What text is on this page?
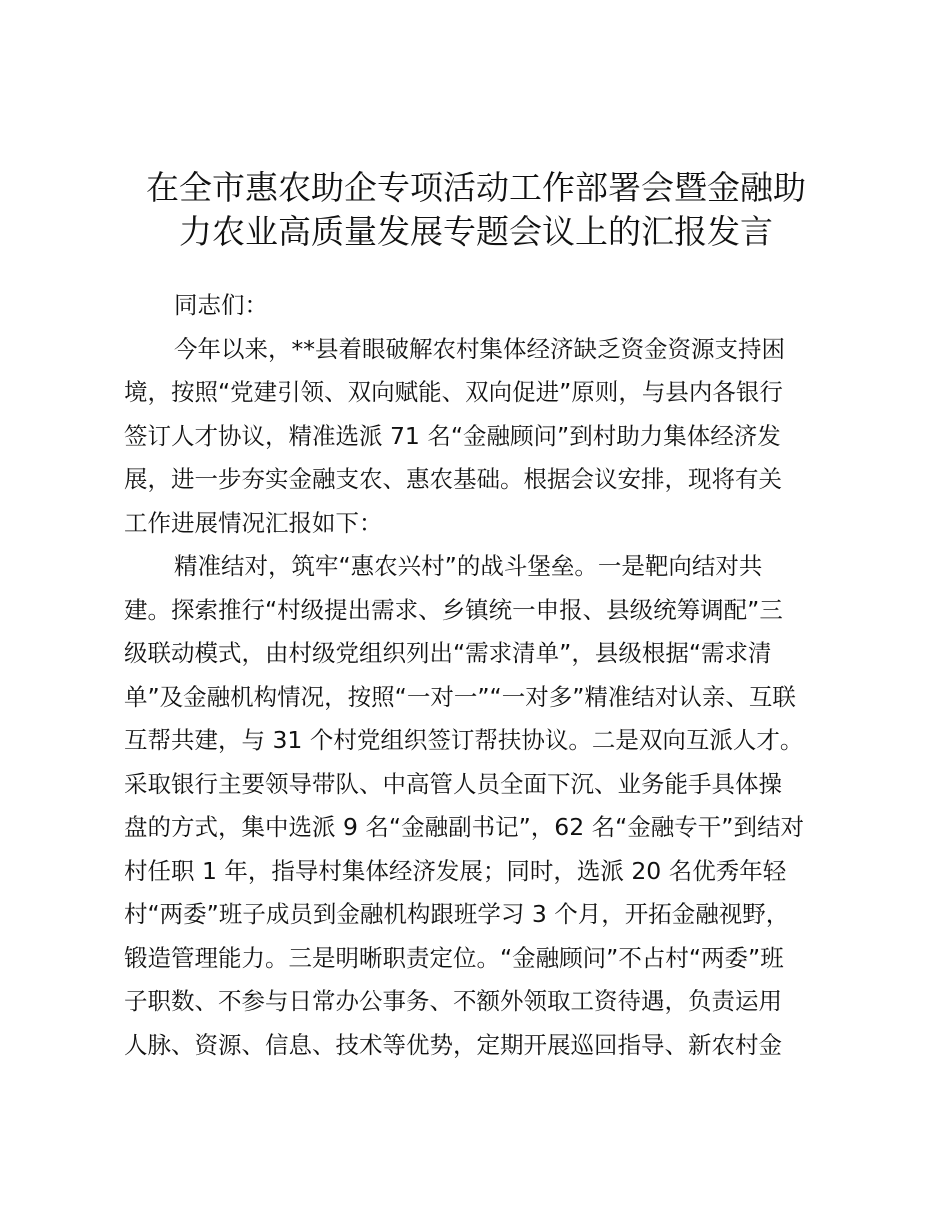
在全市惠农助企专项活动工作部署会暨金融助
力农业高质量发展专题会议上的汇报发言
同志们：
今年以来，**县着眼破解农村集体经济缺乏资金资源支持困
境，按照“党建引领、双向赋能、双向促进”原则，与县内各银行
签订人才协议，精准选派 71 名“金融顾问”到村助力集体经济发
展，进一步夯实金融支农、惠农基础。根据会议安排，现将有关
工作进展情况汇报如下：
精准结对，筑牢“惠农兴村”的战斗堡垒。一是靶向结对共
建。探索推行“村级提出需求、乡镇统一申报、县级统筹调配”三
级联动模式，由村级党组织列出“需求清单”，县级根据“需求清
单”及金融机构情况，按照“一对一”“一对多”精准结对认亲、互联
互帮共建，与 31 个村党组织签订帮扶协议。二是双向互派人才。
采取银行主要领导带队、中高管人员全面下沉、业务能手具体操
盘的方式，集中选派 9 名“金融副书记”，62 名“金融专干”到结对
村任职 1 年，指导村集体经济发展；同时，选派 20 名优秀年轻
村“两委”班子成员到金融机构跟班学习 3 个月，开拓金融视野，
锻造管理能力。三是明晰职责定位。“金融顾问”不占村“两委”班
子职数、不参与日常办公事务、不额外领取工资待遇，负责运用
人脉、资源、信息、技术等优势，定期开展巡回指导、新农村金
